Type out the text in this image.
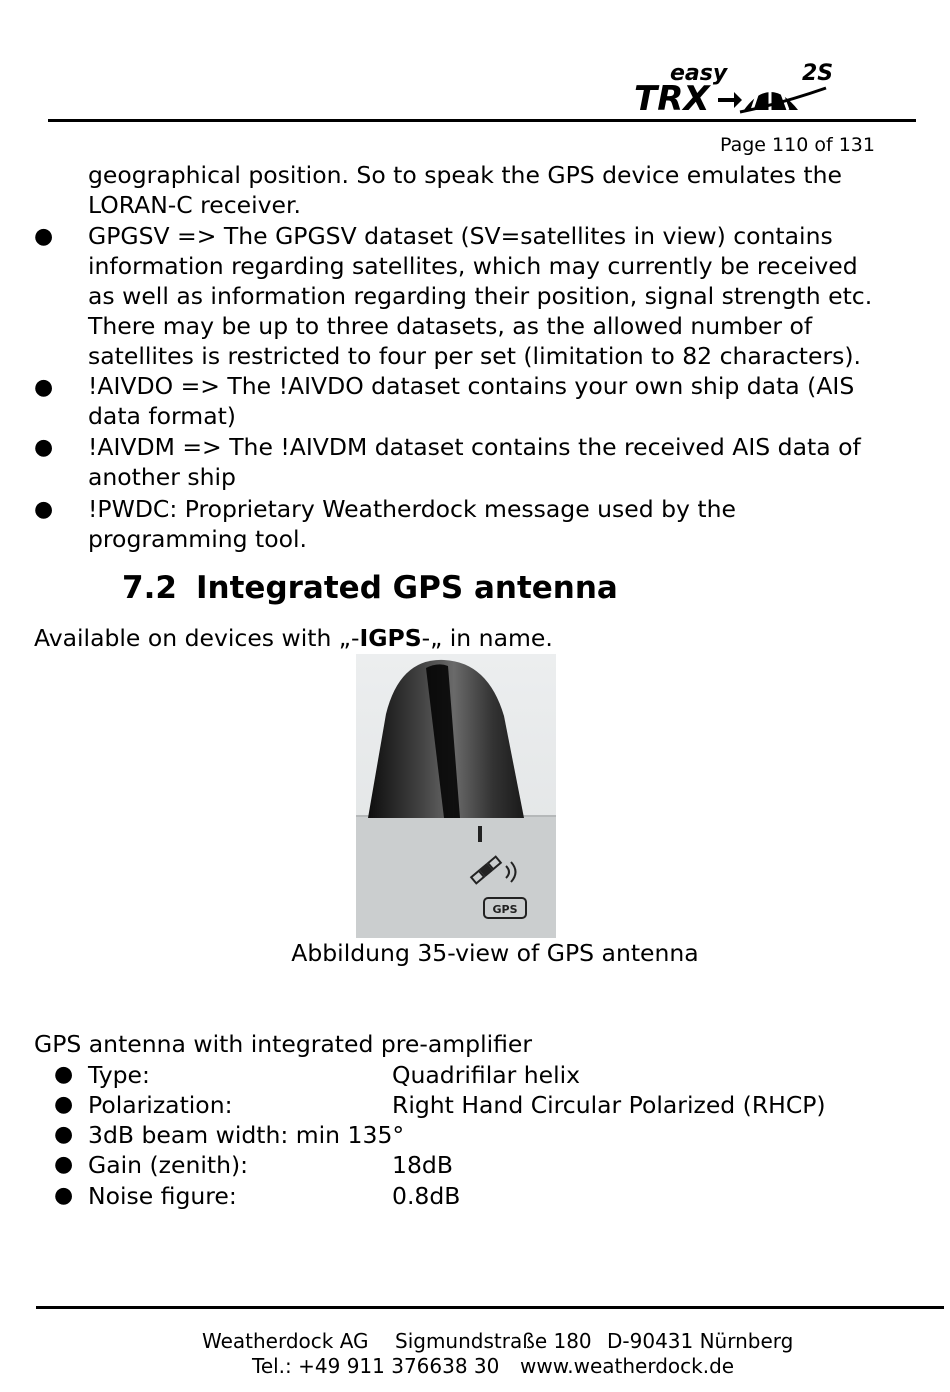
easy	2S
TRX
Page 110 of 131
geographical position. So to speak the GPS device emulates the
LORAN-C receiver.
● GPGSV => The GPGSV dataset (SV=satellites in view) contains
information regarding satellites, which may currently be received
as well as information regarding their position, signal strength etc.
There may be up to three datasets, as the allowed number of
satellites is restricted to four per set (limitation to 82 characters).
● !AIVDO => The !AIVDO dataset contains your own ship data (AIS
data format)
● !AIVDM => The !AIVDM dataset contains the received AIS data of
another ship
● !PWDC: Proprietary Weatherdock message used by the
programming tool.
7.2 Integrated GPS antenna
Available on devices with „-IGPS-„ in name.
GPS
Abbildung 35-view of GPS antenna
GPS antenna with integrated pre-amplifier
● Type:	Quadrifilar helix
● Polarization:	Right Hand Circular Polarized (RHCP)
● 3dB beam width: min 135°
● Gain (zenith):	18dB
● Noise figure:	0.8dB
Weatherdock AG Sigmundstraße 180 D-90431 Nürnberg
Tel.: +49 911 376638 30 www.weatherdock.de
